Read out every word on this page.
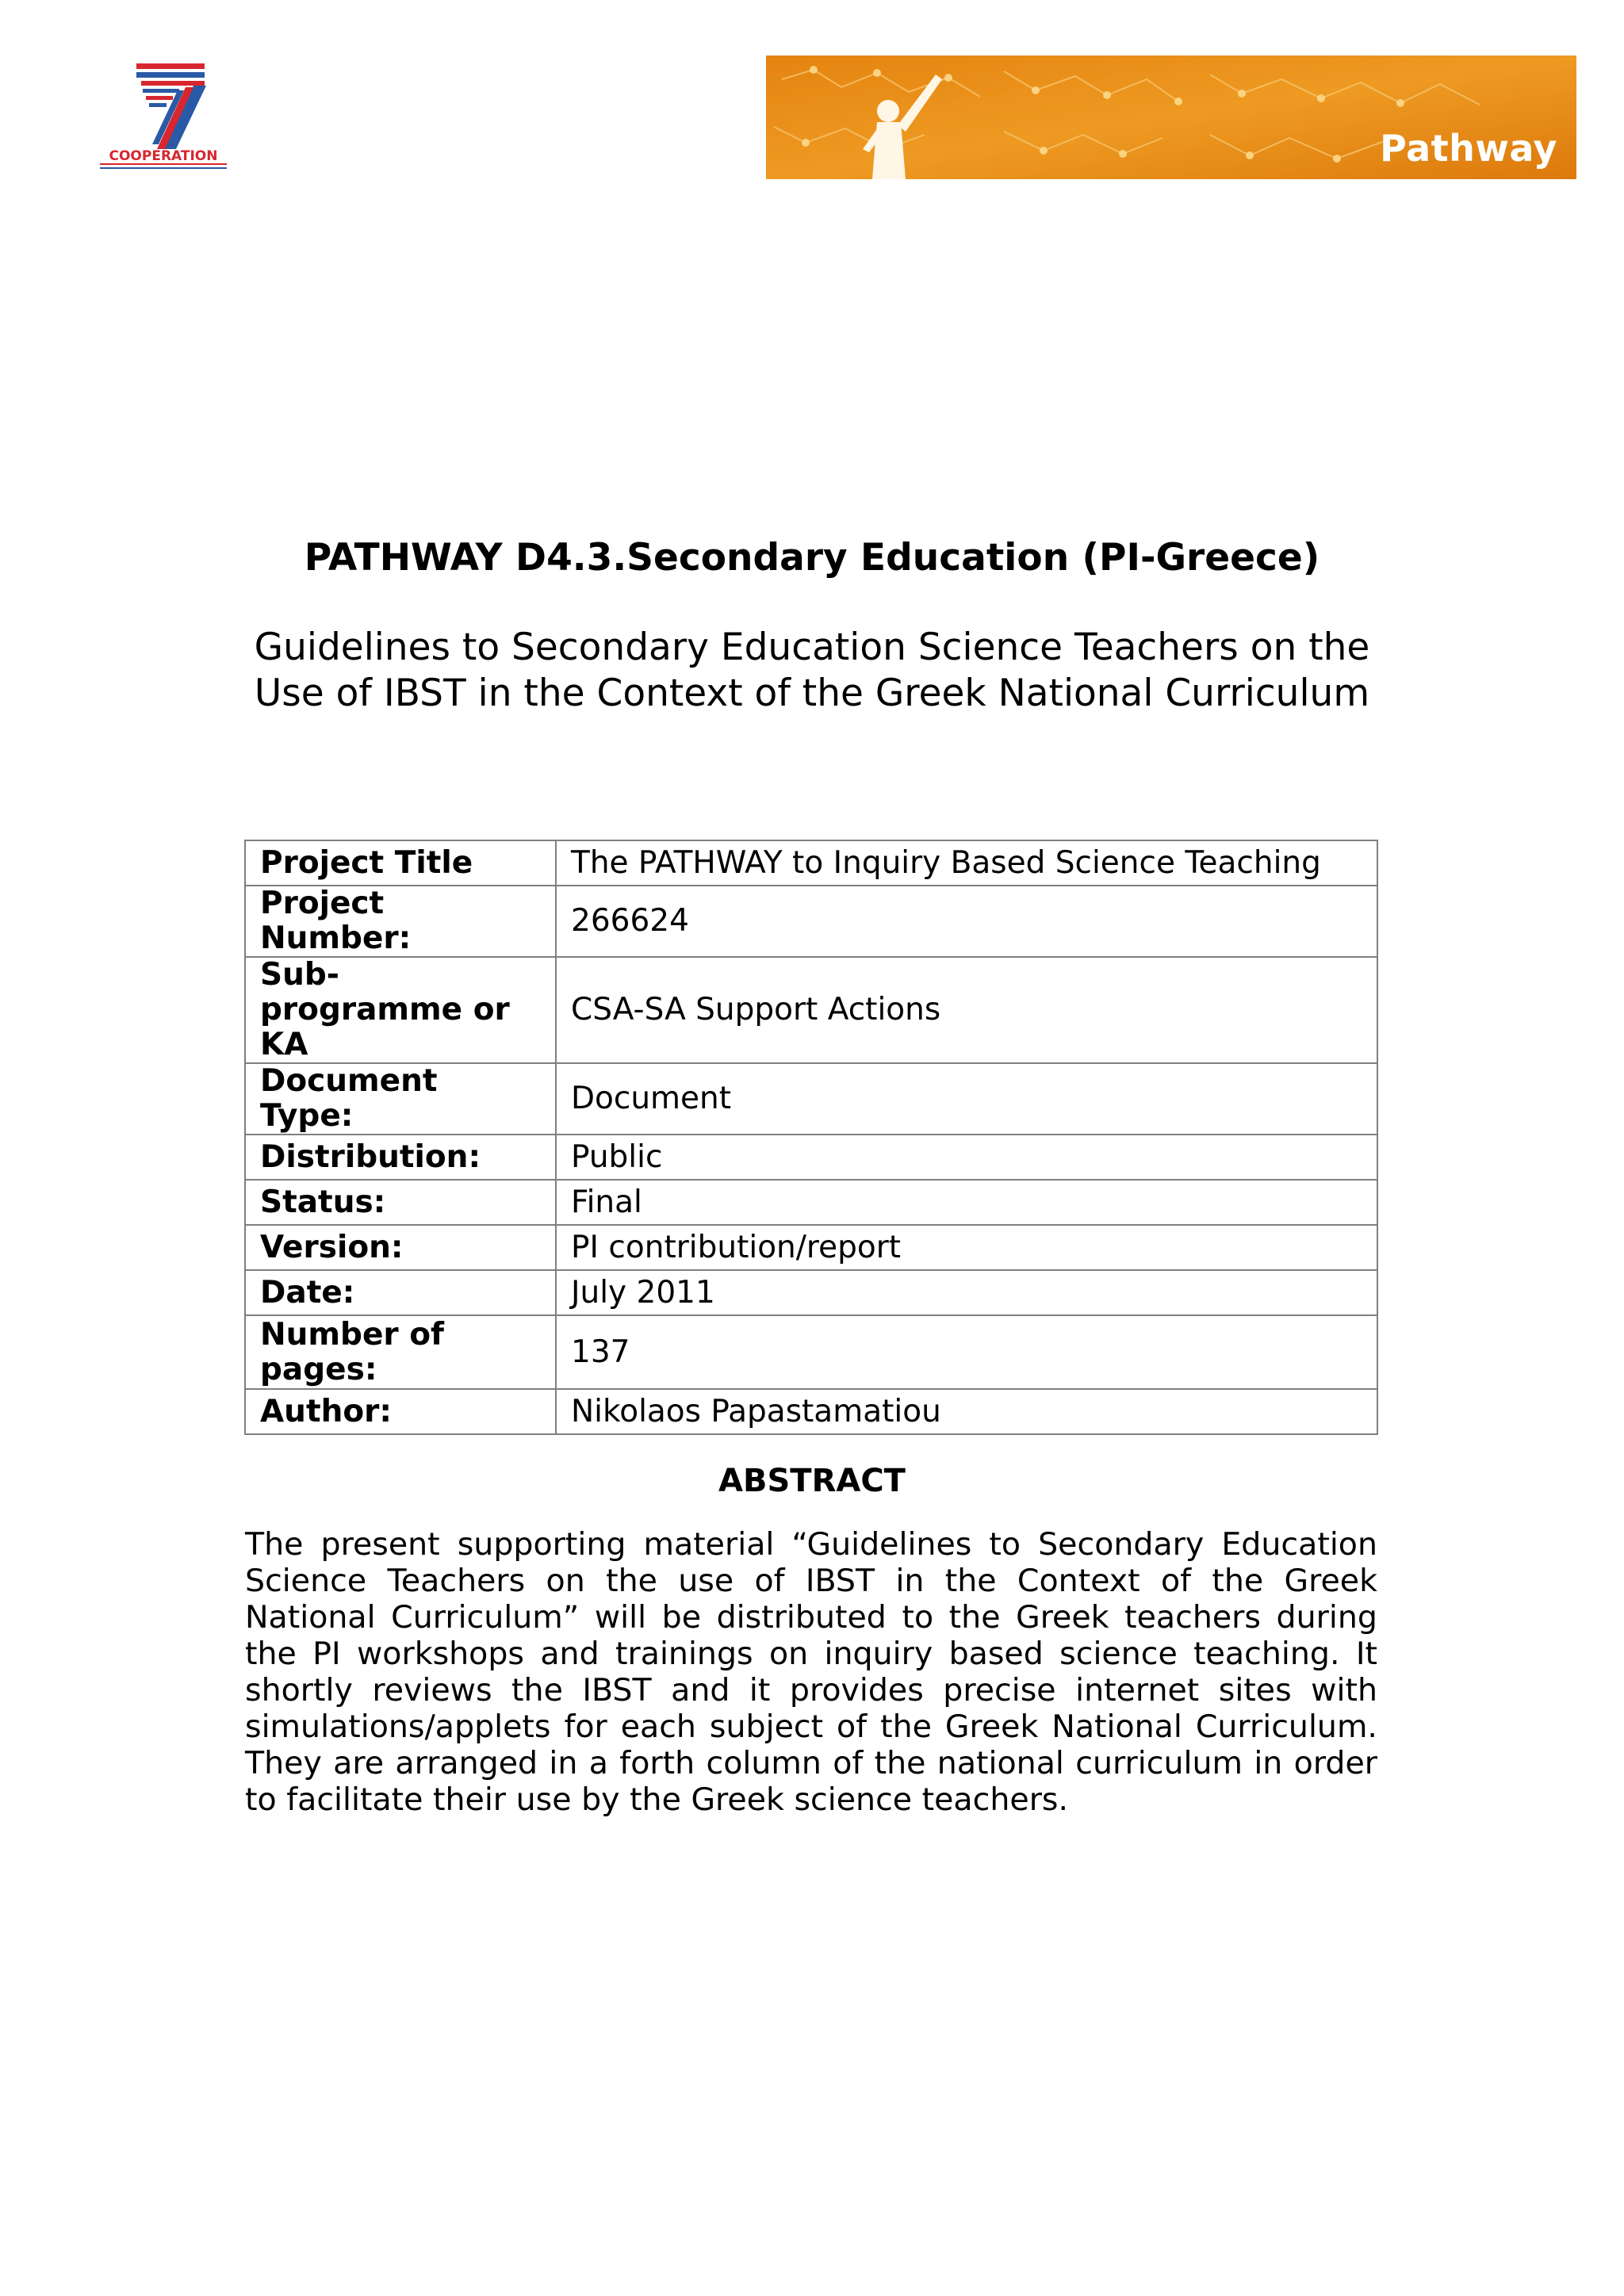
COOPERATION	Pathway
PATHWAY D4.3.Secondary Education (PI-Greece)
Guidelines to Secondary Education Science Teachers on the Use of IBST in the Context of the Greek National Curriculum
Project Title	The PATHWAY to Inquiry Based Science Teaching
Project Number:	266624
Sub-programme or KA	CSA-SA Support Actions
Document Type:	Document
Distribution:	Public
Status:	Final
Version:	PI contribution/report
Date:	July 2011
Number of pages:	137
Author:	Nikolaos Papastamatiou
ABSTRACT

The present supporting material “Guidelines to Secondary Education Science Teachers on the use of IBST in the Context of the Greek National Curriculum” will be distributed to the Greek teachers during the PI workshops and trainings on inquiry based science teaching. It shortly reviews the IBST and it provides precise internet sites with simulations/applets for each subject of the Greek National Curriculum. They are arranged in a forth column of the national curriculum in order to facilitate their use by the Greek science teachers.
